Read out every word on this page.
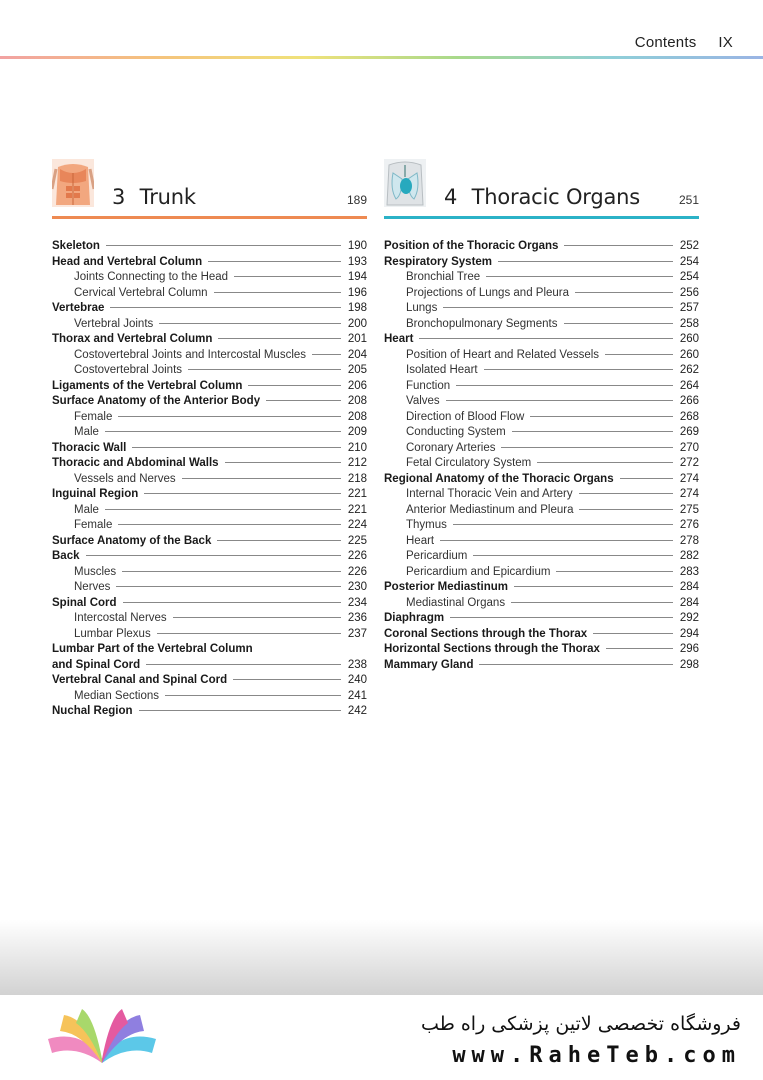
Contents IX
3 Trunk	189
Skeleton	190
Head and Vertebral Column	193
Joints Connecting to the Head	194
Cervical Vertebral Column	196
Vertebrae	198
Vertebral Joints	200
Thorax and Vertebral Column	201
Costovertebral Joints and Intercostal Muscles	204
Costovertebral Joints	205
Ligaments of the Vertebral Column	206
Surface Anatomy of the Anterior Body	208
Female	208
Male	209
Thoracic Wall	210
Thoracic and Abdominal Walls	212
Vessels and Nerves	218
Inguinal Region	221
Male	221
Female	224
Surface Anatomy of the Back	225
Back	226
Muscles	226
Nerves	230
Spinal Cord	234
Intercostal Nerves	236
Lumbar Plexus	237
Lumbar Part of the Vertebral Column
and Spinal Cord	238
Vertebral Canal and Spinal Cord	240
Median Sections	241
Nuchal Region	242
4 Thoracic Organs	251
Position of the Thoracic Organs	252
Respiratory System	254
Bronchial Tree	254
Projections of Lungs and Pleura	256
Lungs	257
Bronchopulmonary Segments	258
Heart	260
Position of Heart and Related Vessels	260
Isolated Heart	262
Function	264
Valves	266
Direction of Blood Flow	268
Conducting System	269
Coronary Arteries	270
Fetal Circulatory System	272
Regional Anatomy of the Thoracic Organs	274
Internal Thoracic Vein and Artery	274
Anterior Mediastinum and Pleura	275
Thymus	276
Heart	278
Pericardium	282
Pericardium and Epicardium	283
Posterior Mediastinum	284
Mediastinal Organs	284
Diaphragm	292
Coronal Sections through the Thorax	294
Horizontal Sections through the Thorax	296
Mammary Gland	298
فروشگاه تخصصی لاتین پزشکی راه طب
www.RaheTeb.com
